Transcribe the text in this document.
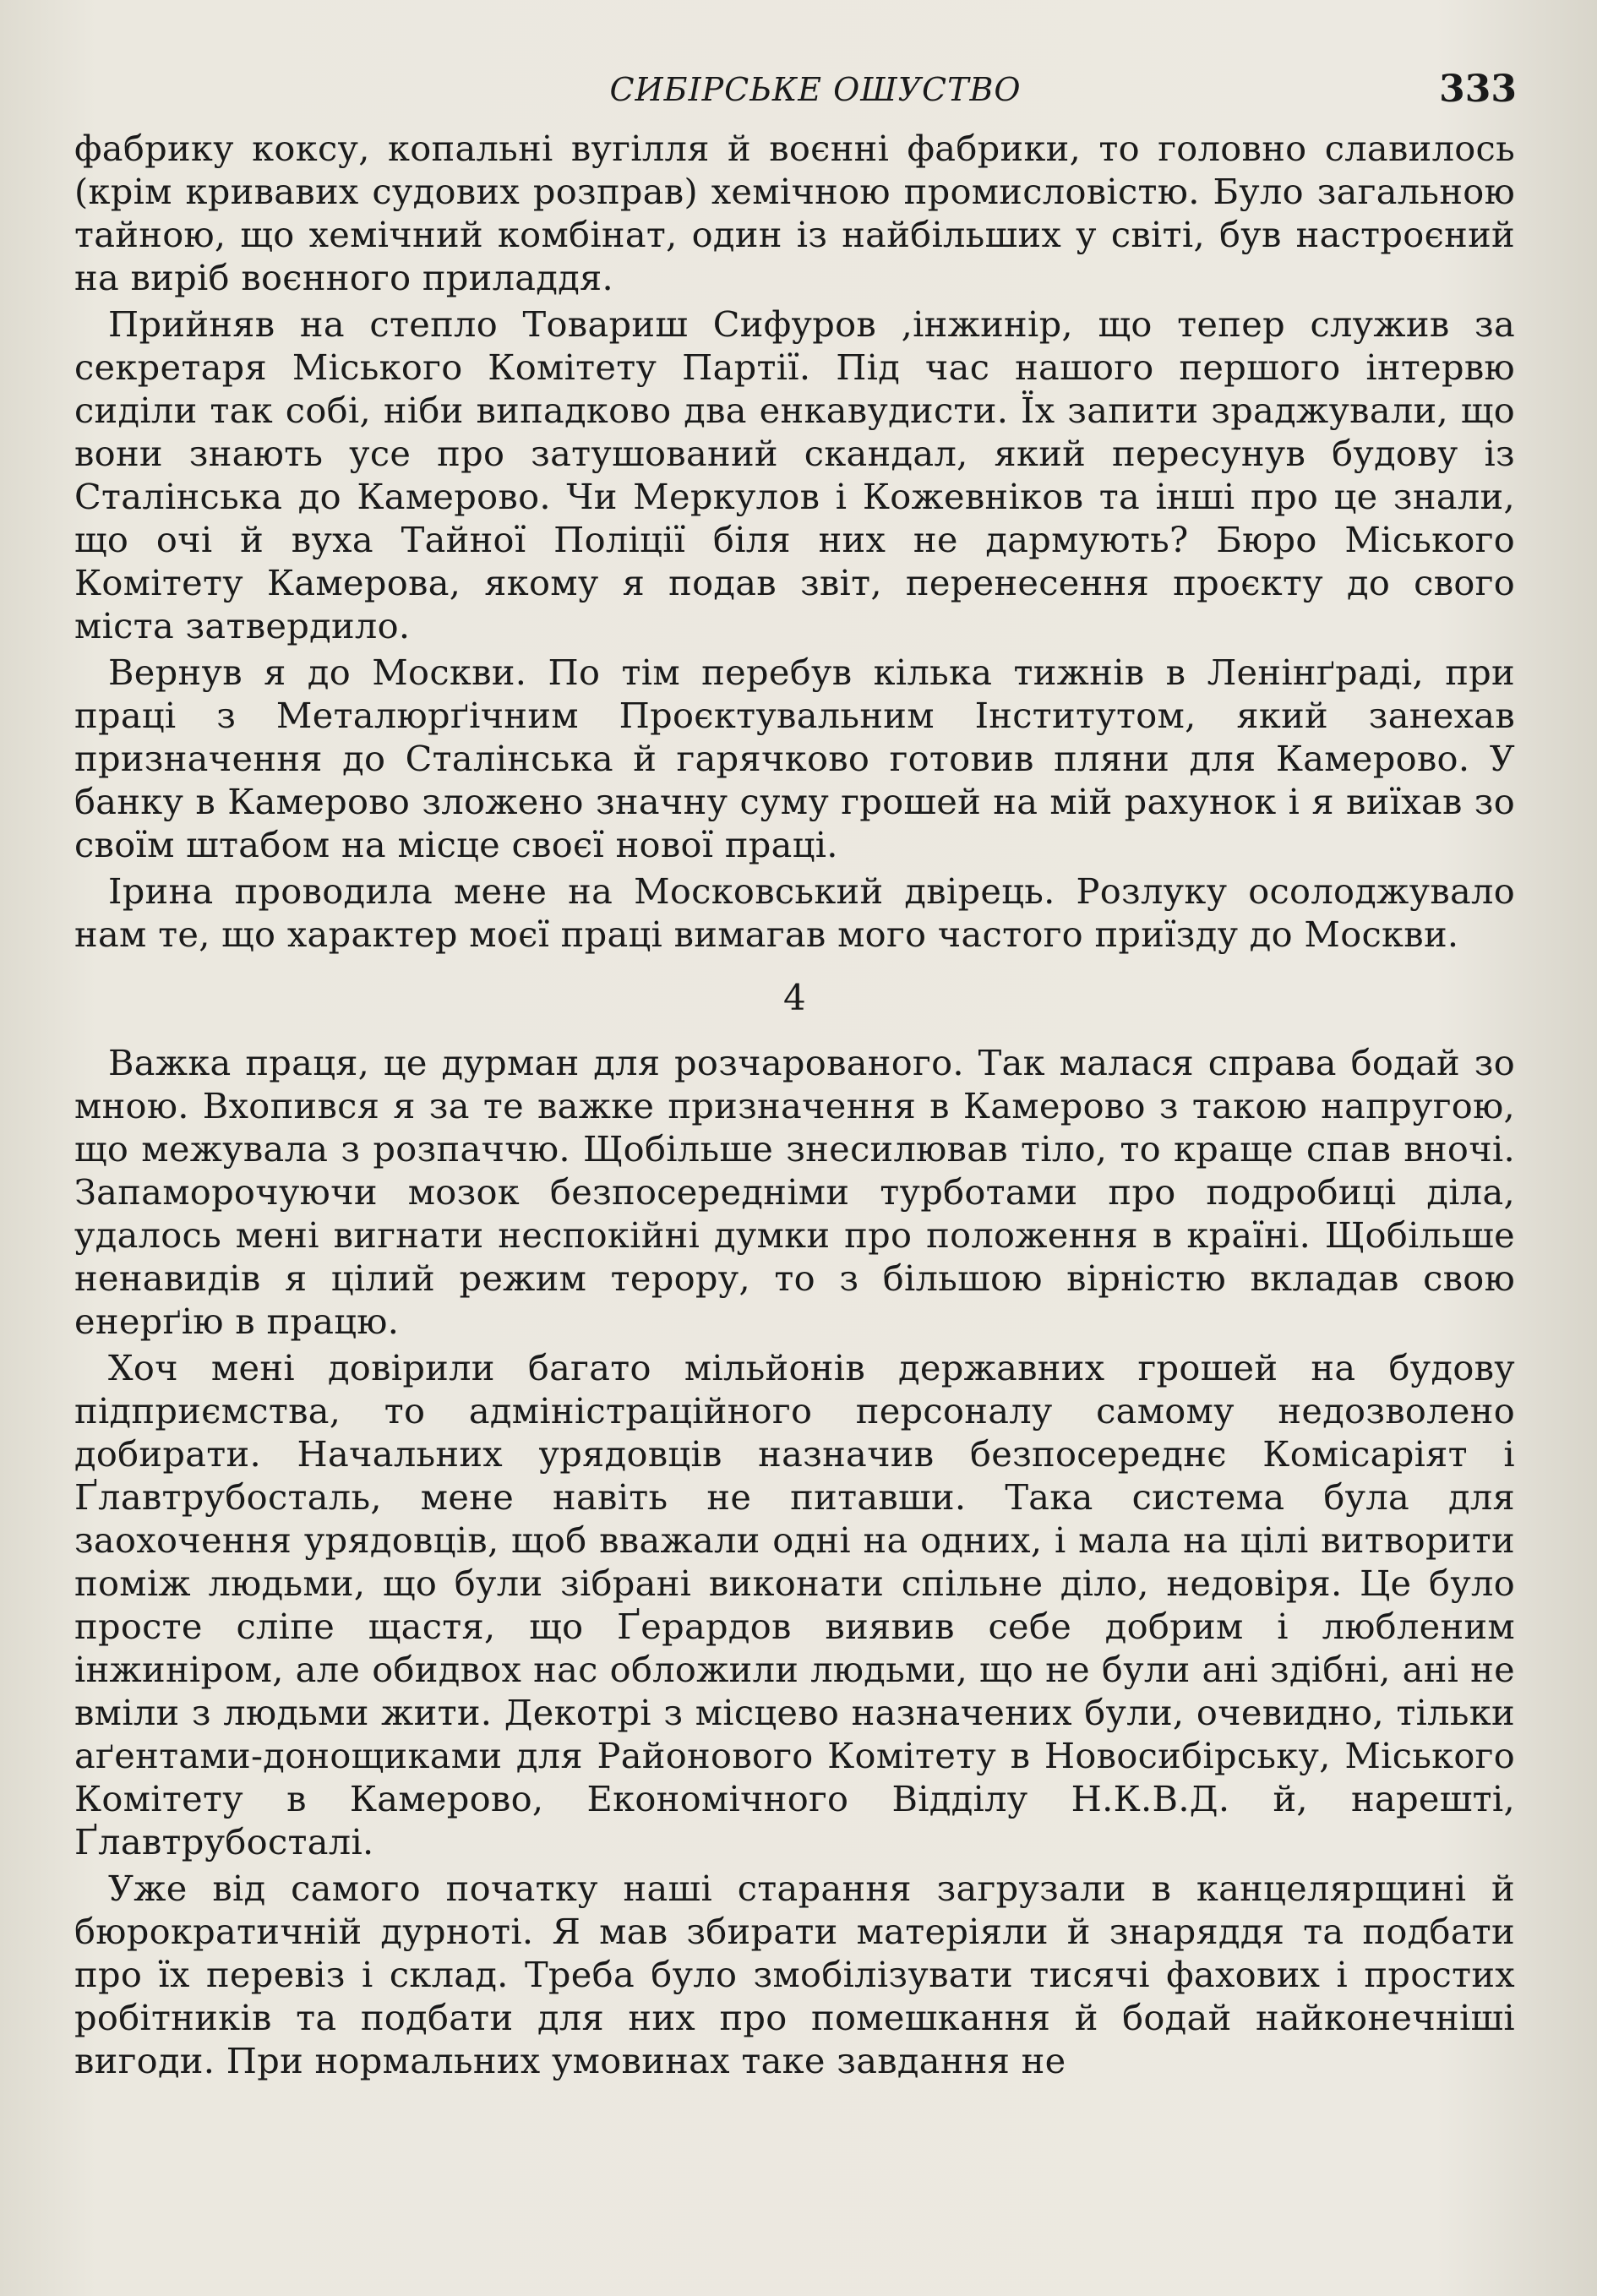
СИБІРСЬКЕ ОШУСТВО	333

фабрику коксу, копальні вугілля й воєнні фабрики, то головно славилось (крім кривавих судових розправ) хемічною промисловістю. Було загальною тайною, що хемічний комбінат, один із найбільших у світі, був настроєний на виріб воєнного приладдя.

Прийняв на степло Товариш Сифуров ,інжинір, що тепер служив за секретаря Міського Комітету Партії. Під час нашого першого інтервю сиділи так собі, ніби випадково два енкавудисти. Їх запити зраджували, що вони знають усе про затушований скандал, який пересунув будову із Сталінська до Камерово. Чи Меркулов і Кожевніков та інші про це знали, що очі й вуха Тайної Поліції біля них не дармують? Бюро Міського Комітету Камерова, якому я подав звіт, перенесення проєкту до свого міста затвердило.

Вернув я до Москви. По тім перебув кілька тижнів в Ленінґраді, при праці з Металюрґічним Проєктувальним Інститутом, який занехав призначення до Сталінська й гарячково готовив пляни для Камерово. У банку в Камерово зложено значну суму грошей на мій рахунок і я виїхав зо своїм штабом на місце своєї нової праці.

Ірина проводила мене на Московський двірець. Розлуку осолоджувало нам те, що характер моєї праці вимагав мого частого приїзду до Москви.

4

Важка праця, це дурман для розчарованого. Так малася справа бодай зо мною. Вхопився я за те важке призначення в Камерово з такою напругою, що межувала з розпаччю. Щобільше знесилював тіло, то краще спав вночі. Запаморочуючи мозок безпосередніми турботами про подробиці діла, удалось мені вигнати неспокійні думки про положення в країні. Щобільше ненавидів я цілий режим терору, то з більшою вірністю вкладав свою енерґію в працю.

Хоч мені довірили багато мільйонів державних грошей на будову підприємства, то адміністраційного персоналу самому недозволено добирати. Начальних урядовців назначив безпосереднє Комісаріят і Ґлавтрубосталь, мене навіть не питавши. Така система була для заохочення урядовців, щоб вважали одні на одних, і мала на цілі витворити поміж людьми, що були зібрані виконати спільне діло, недовіря. Це було просте сліпе щастя, що Ґерардов виявив себе добрим і любленим інжиніром, але обидвох нас обложили людьми, що не були ані здібні, ані не вміли з людьми жити. Декотрі з місцево назначених були, очевидно, тільки аґентами-донощиками для Районового Комітету в Новосибірську, Міського Комітету в Камерово, Економічного Відділу Н.К.В.Д. й, нарешті, Ґлавтрубосталі.

Уже від самого початку наші старання загрузали в канцелярщині й бюрократичній дурноті. Я мав збирати матеріяли й знаряддя та подбати про їх перевіз і склад. Треба було змобілізувати тисячі фахових і простих робітників та подбати для них про помешкання й бодай найконечніші вигоди. При нормальних умовинах таке завдання не
